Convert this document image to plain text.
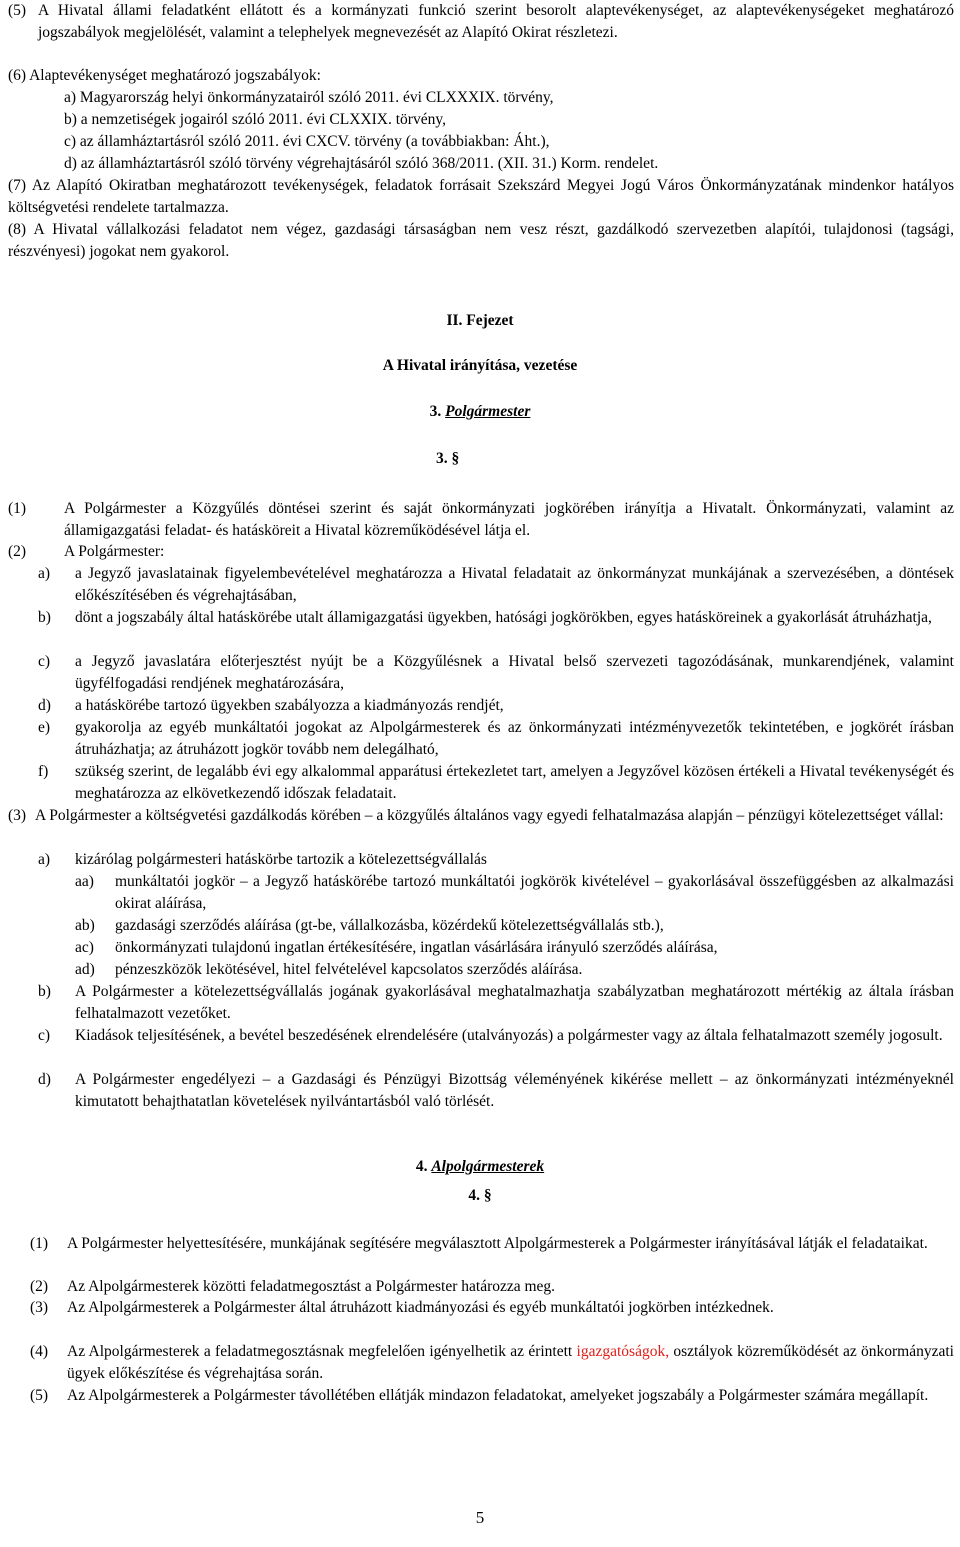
(5) A Hivatal állami feladatként ellátott és a kormányzati funkció szerint besorolt alaptevékenységet, az alaptevékenységeket meghatározó jogszabályok megjelölését, valamint a telephelyek megnevezését az Alapító Okirat részletezi.
(6) Alaptevékenységet meghatározó jogszabályok:
a) Magyarország helyi önkormányzatairól szóló 2011. évi CLXXXIX. törvény,
b) a nemzetiségek jogairól szóló 2011. évi CLXXIX. törvény,
c) az államháztartásról szóló 2011. évi CXCV. törvény (a továbbiakban: Áht.),
d) az államháztartásról szóló törvény végrehajtásáról szóló 368/2011. (XII. 31.) Korm. rendelet.
(7) Az Alapító Okiratban meghatározott tevékenységek, feladatok forrásait Szekszárd Megyei Jogú Város Önkormányzatának mindenkor hatályos költségvetési rendelete tartalmazza.
(8) A Hivatal vállalkozási feladatot nem végez, gazdasági társaságban nem vesz részt, gazdálkodó szervezetben alapítói, tulajdonosi (tagsági, részvényesi) jogokat nem gyakorol.
II. Fejezet
A Hivatal irányítása, vezetése
3. Polgármester
3. §
(1)	A Polgármester a Közgyűlés döntései szerint és saját önkormányzati jogkörében irányítja a Hivatalt. Önkormányzati, valamint az államigazgatási feladat- és hatásköreit a Hivatal közreműködésével látja el.
(2)	A Polgármester:
a)	a Jegyző javaslatainak figyelembevételével meghatározza a Hivatal feladatait az önkormányzat munkájának a szervezésében, a döntések előkészítésében és végrehajtásában,
b)	dönt a jogszabály által hatáskörébe utalt államigazgatási ügyekben, hatósági jogkörökben, egyes hatásköreinek a gyakorlását átruházhatja,
c)	a Jegyző javaslatára előterjesztést nyújt be a Közgyűlésnek a Hivatal belső szervezeti tagozódásának, munkarendjének, valamint ügyfélfogadási rendjének meghatározására,
d)	a hatáskörébe tartozó ügyekben szabályozza a kiadmányozás rendjét,
e)	gyakorolja az egyéb munkáltatói jogokat az Alpolgármesterek és az önkormányzati intézményvezetők tekintetében, e jogkörét írásban átruházhatja; az átruházott jogkör tovább nem delegálható,
f)	szükség szerint, de legalább évi egy alkalommal apparátusi értekezletet tart, amelyen a Jegyzővel közösen értékeli a Hivatal tevékenységét és meghatározza az elkövetkezendő időszak feladatait.
(3) A Polgármester a költségvetési gazdálkodás körében – a közgyűlés általános vagy egyedi felhatalmazása alapján – pénzügyi kötelezettséget vállal:
a)	kizárólag polgármesteri hatáskörbe tartozik a kötelezettségvállalás
aa)	munkáltatói jogkör – a Jegyző hatáskörébe tartozó munkáltatói jogkörök kivételével – gyakorlásával összefüggésben az alkalmazási okirat aláírása,
ab)	gazdasági szerződés aláírása (gt-be, vállalkozásba, közérdekű kötelezettségvállalás stb.),
ac)	önkormányzati tulajdonú ingatlan értékesítésére, ingatlan vásárlására irányuló szerződés aláírása,
ad)	pénzeszközök lekötésével, hitel felvételével kapcsolatos szerződés aláírása.
b)	A Polgármester a kötelezettségvállalás jogának gyakorlásával meghatalmazhatja szabályzatban meghatározott mértékig az általa írásban felhatalmazott vezetőket.
c)	Kiadások teljesítésének, a bevétel beszedésének elrendelésére (utalványozás) a polgármester vagy az általa felhatalmazott személy jogosult.
d)	A Polgármester engedélyezi – a Gazdasági és Pénzügyi Bizottság véleményének kikérése mellett – az önkormányzati intézményeknél kimutatott behajthatatlan követelések nyilvántartásból való törlését.
4. Alpolgármesterek
4. §
(1)	A Polgármester helyettesítésére, munkájának segítésére megválasztott Alpolgármesterek a Polgármester irányításával látják el feladataikat.
(2)	Az Alpolgármesterek közötti feladatmegosztást a Polgármester határozza meg.
(3)	Az Alpolgármesterek a Polgármester által átruházott kiadmányozási és egyéb munkáltatói jogkörben intézkednek.
(4)	Az Alpolgármesterek a feladatmegosztásnak megfelelően igényelhetik az érintett igazgatóságok, osztályok közreműködését az önkormányzati ügyek előkészítése és végrehajtása során.
(5)	Az Alpolgármesterek a Polgármester távollétében ellátják mindazon feladatokat, amelyeket jogszabály a Polgármester számára megállapít.
5
